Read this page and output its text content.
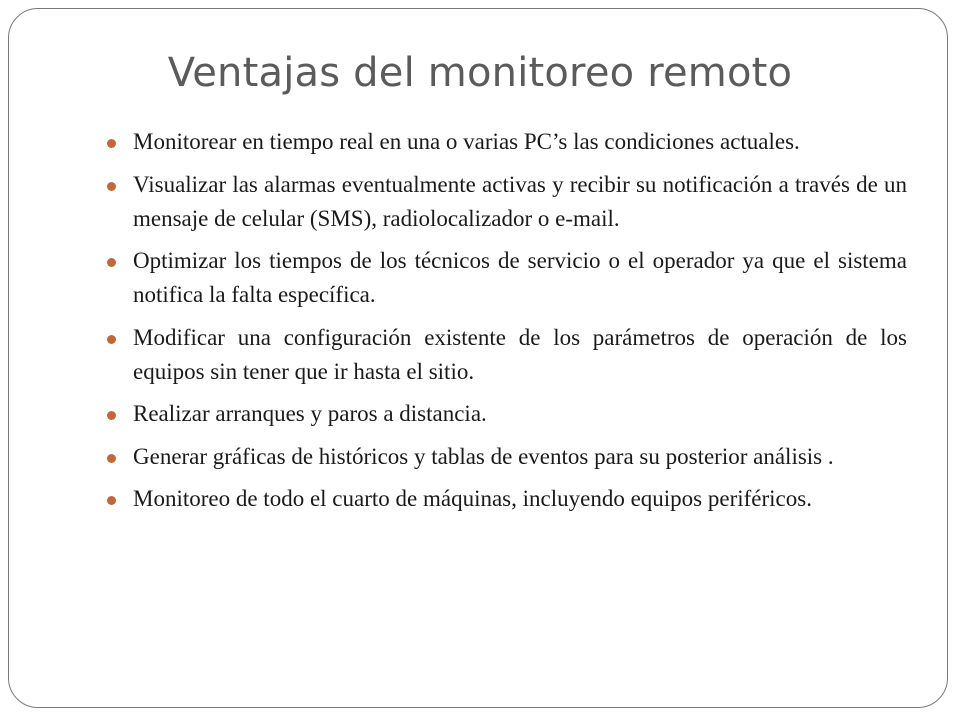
Ventajas del monitoreo remoto
Monitorear en tiempo real en una o varias PC’s las condiciones actuales.
Visualizar las alarmas eventualmente activas y recibir su notificación a través de un mensaje de celular (SMS), radiolocalizador o e-mail.
Optimizar los tiempos de los técnicos de servicio o el operador ya que el sistema notifica la falta específica.
Modificar una configuración existente de los parámetros de operación de los equipos sin tener que ir hasta el sitio.
Realizar arranques y paros a distancia.
Generar gráficas de históricos y tablas de eventos para su posterior análisis .
Monitoreo de todo el cuarto de máquinas, incluyendo equipos periféricos.
